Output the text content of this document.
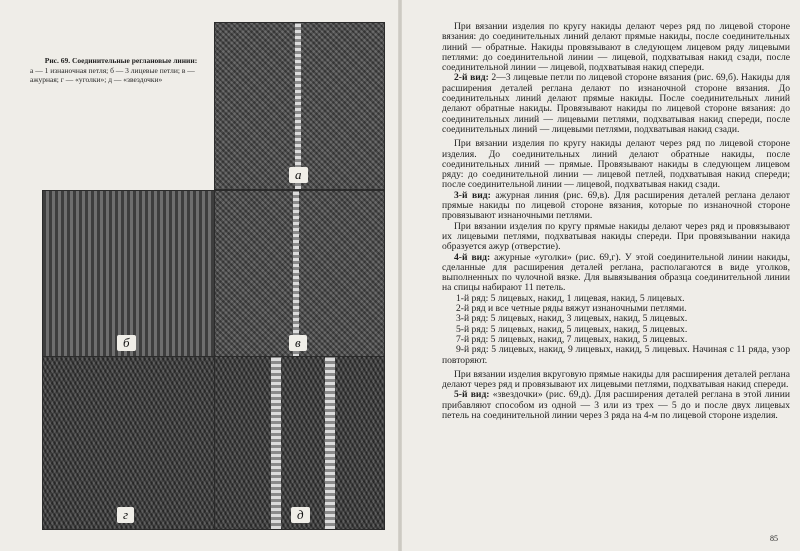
Рис. 69. Соединительные реглановые линии:
а — 1 изнаночная петля; б — 3 лицевые петли; в — ажурная; г — «уголки»; д — «звездочки»
а
б	в
г	д

При вязании изделия по кругу накиды делают через ряд по лицевой стороне вязания: до соединительных линий делают прямые накиды, после соединительных линий — обратные. Накиды провязывают в следующем лицевом ряду лицевыми петлями: до соединительной линии — лицевой, подхватывая накид сзади, после соединительной линии — лицевой, подхватывая накид спереди.

2-й вид: 2—3 лицевые петли по лицевой стороне вязания (рис. 69,б). Накиды для расширения деталей реглана делают по изнаночной стороне вязания. До соединительных линий делают прямые накиды. После соединительных линий делают обратные накиды. Провязывают накиды по лицевой стороне вязания: до соединительных линий — лицевыми петлями, подхватывая накид спереди, после соединительных линий — лицевыми петлями, подхватывая накид сзади.

При вязании изделия по кругу накиды делают через ряд по лицевой стороне изделия. До соединительных линий делают обратные накиды, после соединительных линий — прямые. Провязывают накиды в следующем лицевом ряду: до соединительной линии — лицевой петлей, подхватывая накид спереди; после соединительной линии — лицевой, подхватывая накид сзади.

3-й вид: ажурная линия (рис. 69,в). Для расширения деталей реглана делают прямые накиды по лицевой стороне вязания, которые по изнаночной стороне провязывают изнаночными петлями.

При вязании изделия по кругу прямые накиды делают через ряд и провязывают их лицевыми петлями, подхватывая накиды спереди. При провязывании накида образуется ажур (отверстие).

4-й вид: ажурные «уголки» (рис. 69,г). У этой соединительной линии накиды, сделанные для расширения деталей реглана, располагаются в виде уголков, выполненных по чулочной вязке. Для вывязывания образца соединительной линии на спицы набирают 11 петель.

1-й ряд: 5 лицевых, накид, 1 лицевая, накид, 5 лицевых.

2-й ряд и все четные ряды вяжут изнаночными петлями.

3-й ряд: 5 лицевых, накид, 3 лицевых, накид, 5 лицевых.

5-й ряд: 5 лицевых, накид, 5 лицевых, накид, 5 лицевых.

7-й ряд: 5 лицевых, накид, 7 лицевых, накид, 5 лицевых.

9-й ряд: 5 лицевых, накид, 9 лицевых, накид, 5 лицевых. Начиная с 11 ряда, узор повторяют.

При вязании изделия вкруговую прямые накиды для расширения деталей реглана делают через ряд и провязывают их лицевыми петлями, подхватывая накид спереди.

5-й вид: «звездочки» (рис. 69,д). Для расширения деталей реглана в этой линии прибавляют способом из одной — 3 или из трех — 5 до и после двух лицевых петель на соединительной линии через 3 ряда на 4-м по лицевой стороне изделия.

85
